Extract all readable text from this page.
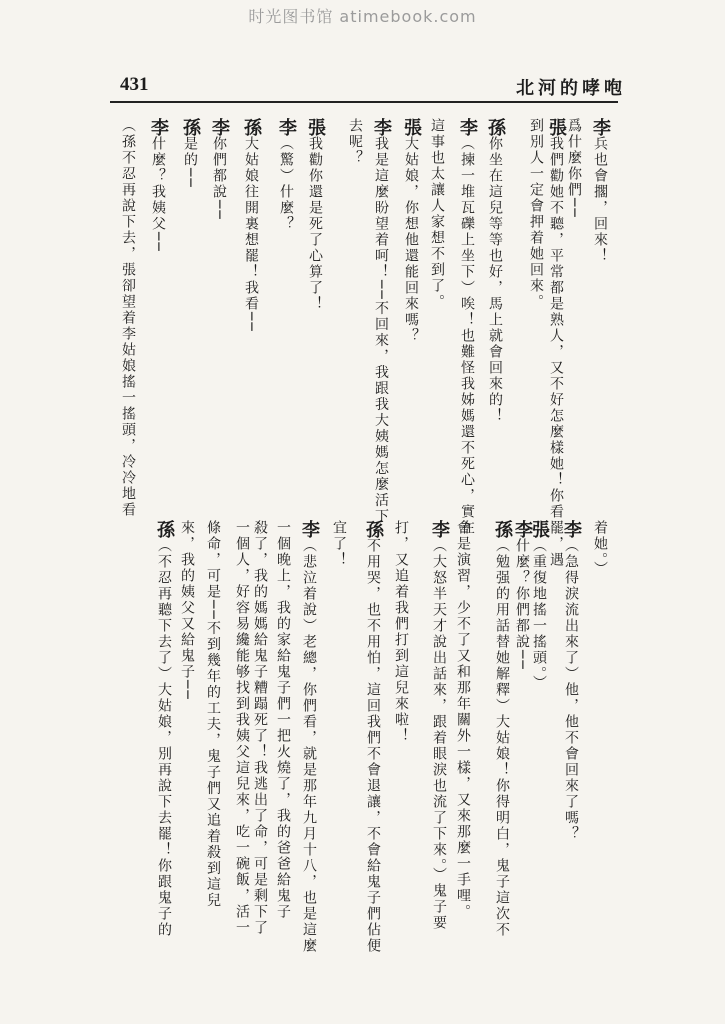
时光图书馆 atimebook.com
431	北河的哮咆
李兵也會擱，回來！
爲什麼你們──
張我們勸她不聽，平常都是熟人，又不好怎麼樣她！你看罷，遇
到別人一定會押着她回來。
孫你坐在這兒等等也好，馬上就會回來的！
李（揀一堆瓦礫上坐下）唉！也難怪我姊媽還不死心，實在
這事也太讓人家想不到了。
張大姑娘，你想他還能回來嗎？
李我是這麼盼望着呵！──不回來，我跟我大姨媽怎麼活下
去呢？
張我勸你還是死了心算了！
李（驚）什麼？
孫大姑娘往開裏想罷！我看──
李你們都說──
孫是的──
李什麼？我姨父──
（孫不忍再說下去，張卻望着李姑娘搖一搖頭，冷冷地看
着她。）
李（急得淚流出來了）他，他不會回來了嗎？
張（重復地搖一搖頭。）
李什麼？你們都說──
孫（勉强的用話替她解釋）大姑娘！你得明白，鬼子這次不
會是演習，少不了又和那年關外一樣，又來那麼一手哩。
李（大怒半天才說出話來，跟着眼淚也流了下來。）鬼子要
打，又追着我們打到這兒來啦！
孫不用哭，也不用怕，這回我們不會退讓，不會給鬼子們佔便
宜了！
李（悲泣着說）老總，你們看，就是那年九月十八，也是這麼
一個晚上，我的家給鬼子們一把火燒了，我的爸爸給鬼子
殺了，我的媽媽給鬼子糟蹋死了！我逃出了命，可是剩下了
一個人，好容易纔能够找到我姨父這兒來，吃一碗飯，活一
條命，可是──不到幾年的工夫，鬼子們又追着殺到這兒
來，我的姨父又給鬼子──
孫（不忍再聽下去了）大姑娘，別再說下去罷！你跟鬼子的
